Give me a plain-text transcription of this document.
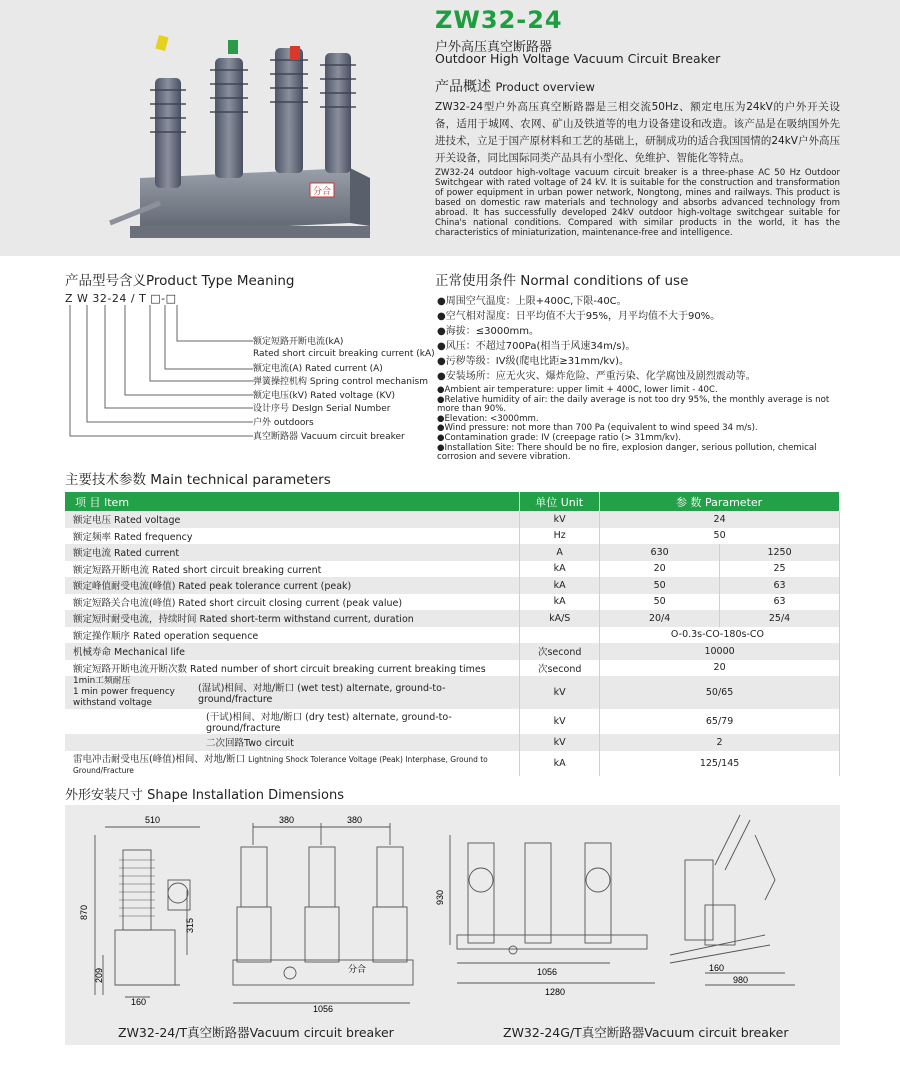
分合
ZW32-24
户外高压真空断路器
Outdoor High Voltage Vacuum Circuit Breaker
产品概述 Product overview
ZW32-24型户外高压真空断路器是三相交流50Hz、额定电压为24kV的户外开关设备，适用于城网、农网、矿山及铁道等的电力设备建设和改造。该产品是在吸纳国外先进技术，立足于国产原材料和工艺的基础上，研制成功的适合我国国情的24kV户外高压开关设备，同比国际同类产品具有小型化、免维护、智能化等特点。
ZW32-24 outdoor high-voltage vacuum circuit breaker is a three-phase AC 50 Hz Outdoor Switchgear with rated voltage of 24 kV. It is suitable for the construction and transformation of power equipment in urban power network, Nongtong, mines and railways. This product is based on domestic raw materials and technology and absorbs advanced technology from abroad. It has successfully developed 24kV outdoor high-voltage switchgear suitable for China's national conditions. Compared with similar products in the world, it has the characteristics of miniaturization, maintenance-free and intelligence.
产品型号含义Product Type Meaning
Z W 32-24 / T □-□
额定短路开断电流(kA)
Rated short circuit breaking current (kA)
额定电流(A) Rated current (A)
弹簧操控机构 Spring control mechanism
额定电压(kV) Rated voltage (KV)
设计序号 DesIgn Serial Number
户外 outdoors
真空断路器 Vacuum circuit breaker
正常使用条件 Normal conditions of use
●周围空气温度：上限+400C,下限-40C。
●空气相对湿度：日平均值不大于95%，月平均值不大于90%。
●海拔：≤3000mm。
●风压：不超过700Pa(相当于风速34m/s)。
●污秽等级：IV级(爬电比距≥31mm/kv)。
●安装场所：应无火灾、爆炸危险、严重污染、化学腐蚀及剧烈震动等。
●Ambient air temperature: upper limit + 400C, lower limit - 40C.
●Relative humidity of air: the daily average is not too dry 95%, the monthly average is not more than 90%.
●Elevation: <3000mm.
●Wind pressure: not more than 700 Pa (equivalent to wind speed 34 m/s).
●Contamination grade: IV (creepage ratio (> 31mm/kv).
●Installation Site: There should be no fire, explosion danger, serious pollution, chemical corrosion and severe vibration.
主要技术参数 Main technical parameters
项 目 Item	单位 Unit	参 数 Parameter	
额定电压 Rated voltage	kV	24	
额定频率 Rated frequency	Hz	50	
额定电流 Rated current	A	630	1250
额定短路开断电流 Rated short circuit breaking current	kA	20	25
额定峰值耐受电流(峰值) Rated peak tolerance current (peak)	kA	50	63
额定短路关合电流(峰值) Rated short circuit closing current (peak value)	kA	50	63
额定短时耐受电流，持续时间 Rated short-term withstand current, duration	kA/S	20/4	25/4
额定操作顺序 Rated operation sequence		O-0.3s-CO-180s-CO	
机械寿命 Mechanical life	次second	10000	
额定短路开断电流开断次数 Rated number of short circuit breaking current breaking times	次second	20	

1min工频耐压
1 min power frequency
withstand voltage
(湿试)相间、对地/断口 (wet test) alternate, ground-to-ground/fracture	kV	50/65	
(干试)相间、对地/断口 (dry test) alternate, ground-to-ground/fracture	kV	65/79	
二次回路Two circuit	kV	2	
雷电冲击耐受电压(峰值)相间、对地/断口 Lightning Shock Tolerance Voltage (Peak) Interphase, Ground to Ground/Fracture	kA	125/145	
外形安装尺寸 Shape Installation Dimensions
510
870
315
209
160
380	380
1056
分合
930
1056
1280
160
980
ZW32-24/T真空断路器Vacuum circuit breaker	ZW32-24G/T真空断路器Vacuum circuit breaker
